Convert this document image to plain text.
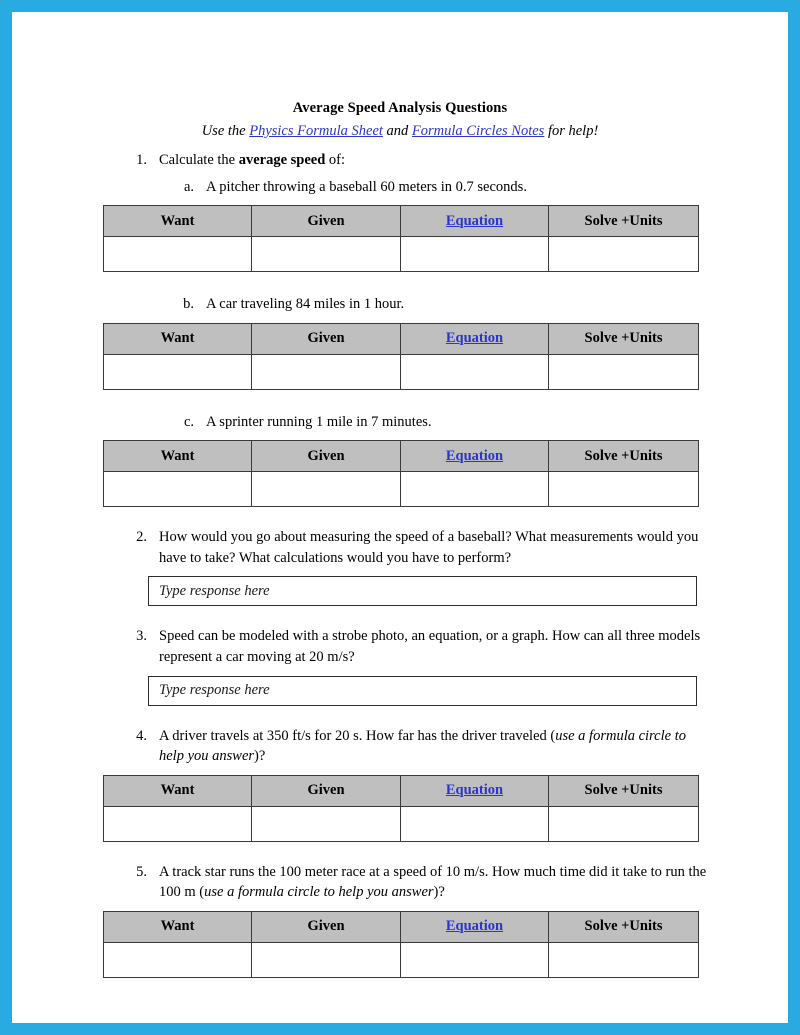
Average Speed Analysis Questions
Use the Physics Formula Sheet and Formula Circles Notes for help!
1. Calculate the average speed of:
a. A pitcher throwing a baseball 60 meters in 0.7 seconds.
Want	Given	Equation	Solve +Units

b. A car traveling 84 miles in 1 hour.
Want	Given	Equation	Solve +Units

c. A sprinter running 1 mile in 7 minutes.
Want	Given	Equation	Solve +Units

2. How would you go about measuring the speed of a baseball? What measurements would you have to take? What calculations would you have to perform?
Type response here
3. Speed can be modeled with a strobe photo, an equation, or a graph. How can all three models represent a car moving at 20 m/s?
Type response here
4. A driver travels at 350 ft/s for 20 s. How far has the driver traveled (use a formula circle to help you answer)?
Want	Given	Equation	Solve +Units

5. A track star runs the 100 meter race at a speed of 10 m/s. How much time did it take to run the 100 m (use a formula circle to help you answer)?
Want	Given	Equation	Solve +Units
